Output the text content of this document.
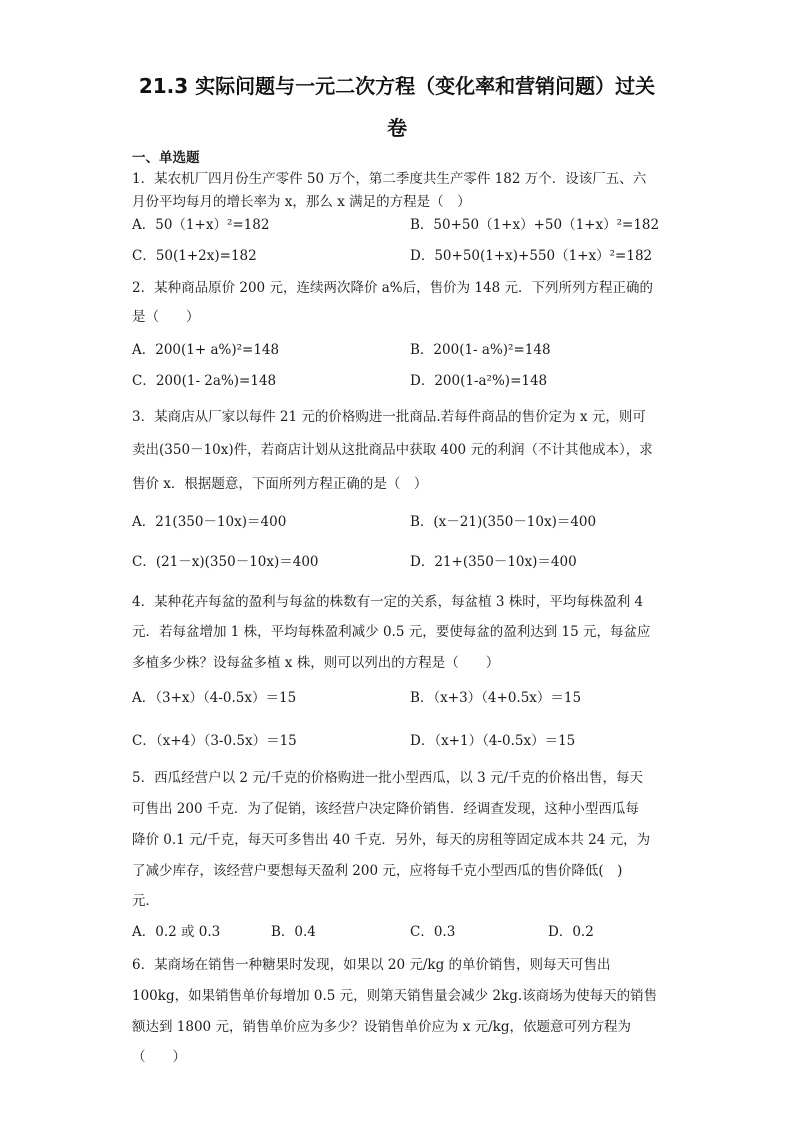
21.3 实际问题与一元二次方程（变化率和营销问题）过关
卷
一、单选题
1．某农机厂四月份生产零件 50 万个，第二季度共生产零件 182 万个．设该厂五、六
月份平均每月的增长率为 x，那么 x 满足的方程是（　）
A．50（1+x）²=182	B．50+50（1+x）+50（1+x）²=182
C．50(1+2x)=182	D．50+50(1+x)+550（1+x）²=182
2．某种商品原价 200 元，连续两次降价 a%后，售价为 148 元．下列所列方程正确的
是（　　）
A．200(1+ a%)²=148	B．200(1- a%)²=148
C．200(1- 2a%)=148	D．200(1-a²%)=148
3．某商店从厂家以每件 21 元的价格购进一批商品.若每件商品的售价定为 x 元，则可
卖出(350－10x)件，若商店计划从这批商品中获取 400 元的利润（不计其他成本），求
售价 x．根据题意，下面所列方程正确的是（　）
A．21(350－10x)＝400	B．(x－21)(350－10x)＝400
C．(21－x)(350－10x)＝400	D．21+(350－10x)＝400
4．某种花卉每盆的盈利与每盆的株数有一定的关系，每盆植 3 株时，平均每株盈利 4
元．若每盆增加 1 株，平均每株盈利减少 0.5 元，要使每盆的盈利达到 15 元，每盆应
多植多少株？设每盆多植 x 株，则可以列出的方程是（　　）
A．（3+x）（4-0.5x）＝15	B．（x+3）（4+0.5x）＝15
C．（x+4）（3-0.5x）＝15	D．（x+1）（4-0.5x）＝15
5．西瓜经营户以 2 元/千克的价格购进一批小型西瓜，以 3 元/千克的价格出售，每天
可售出 200 千克．为了促销，该经营户决定降价销售．经调查发现，这种小型西瓜每
降价 0.1 元/千克，每天可多售出 40 千克．另外，每天的房租等固定成本共 24 元，为
了减少库存，该经营户要想每天盈利 200 元，应将每千克小型西瓜的售价降低(　)
元．
A．0.2 或 0.3	B．0.4	C．0.3	D．0.2
6．某商场在销售一种糖果时发现，如果以 20 元/kg 的单价销售，则每天可售出
100kg，如果销售单价每增加 0.5 元，则第天销售量会减少 2kg.该商场为使每天的销售
额达到 1800 元，销售单价应为多少？设销售单价应为 x 元/kg，依题意可列方程为
（　　）
